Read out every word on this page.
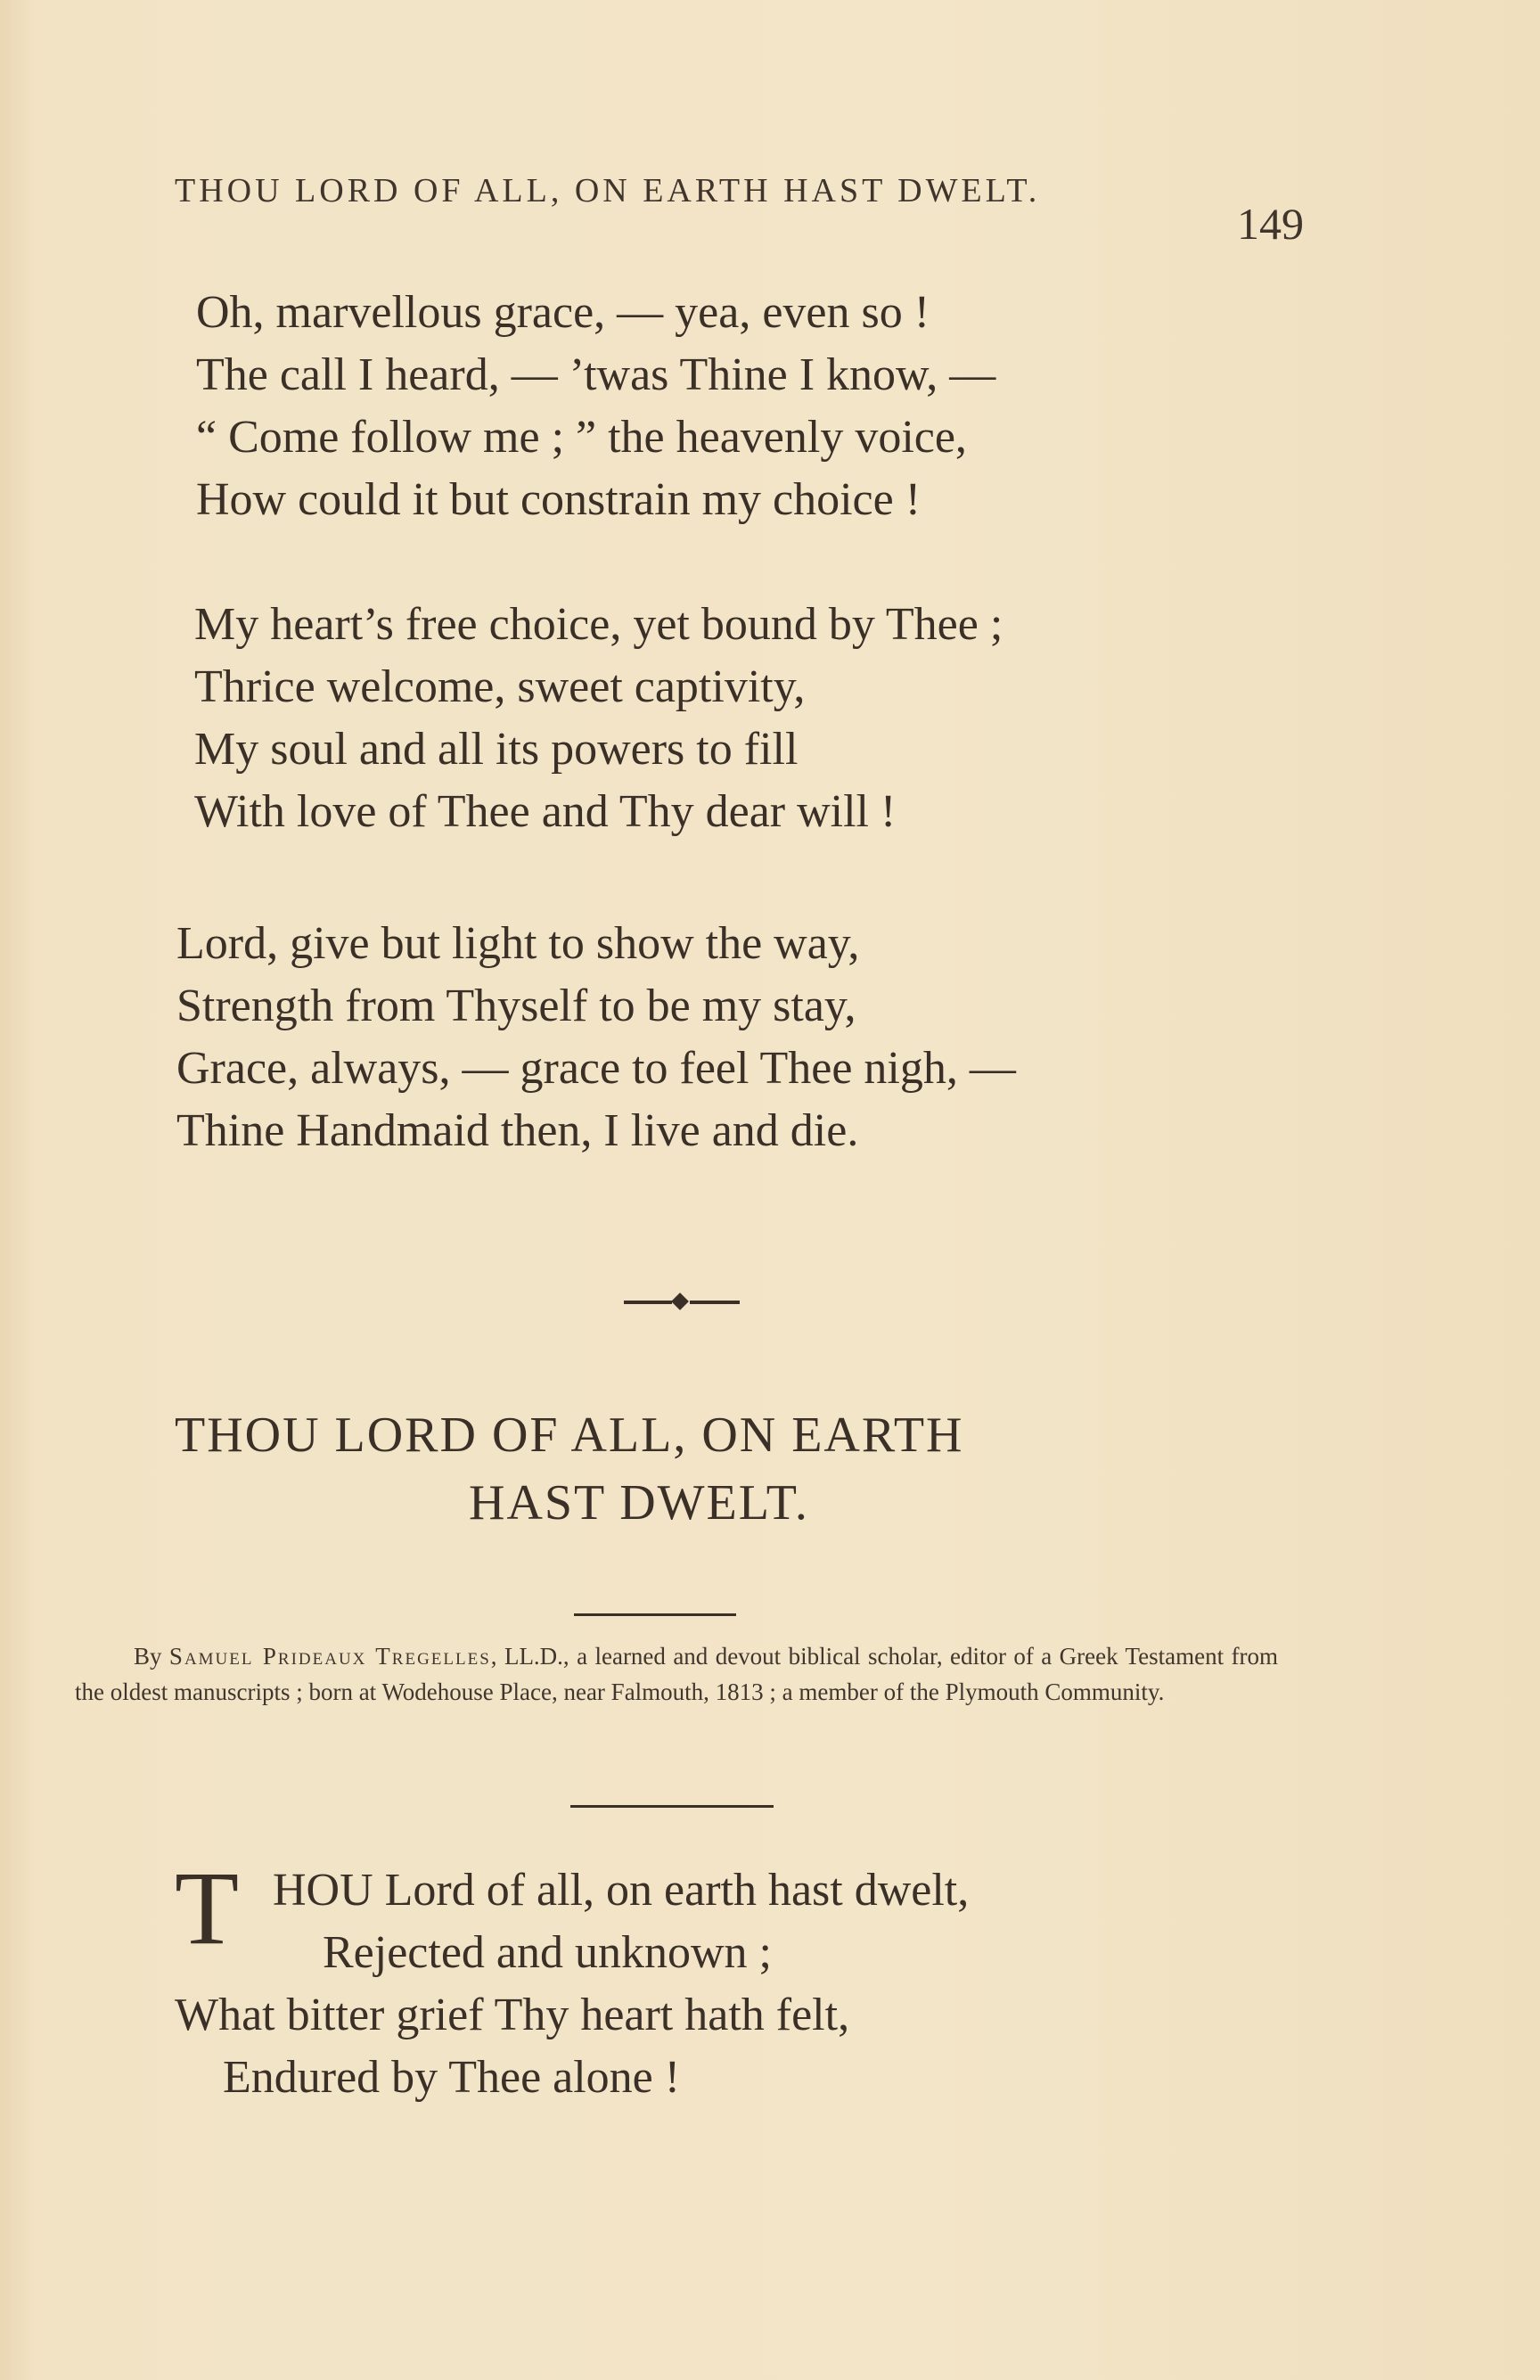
THOU LORD OF ALL, ON EARTH HAST DWELT.
149
Oh, marvellous grace, — yea, even so !
The call I heard, — ’twas Thine I know, —
“ Come follow me ; ” the heavenly voice,
How could it but constrain my choice !
My heart’s free choice, yet bound by Thee ;
Thrice welcome, sweet captivity,
My soul and all its powers to fill
With love of Thee and Thy dear will !
Lord, give but light to show the way,
Strength from Thyself to be my stay,
Grace, always, — grace to feel Thee nigh, —
Thine Handmaid then, I live and die.
THOU LORD OF ALL, ON EARTH
HAST DWELT.
By Samuel Prideaux Tregelles, LL.D., a learned and devout biblical scholar, editor of a Greek Testament from the oldest manuscripts ; born at Wodehouse Place, near Falmouth, 1813 ; a member of the Plymouth Community.
T HOU Lord of all, on earth hast dwelt,
Rejected and unknown ;
What bitter grief Thy heart hath felt,
Endured by Thee alone !
